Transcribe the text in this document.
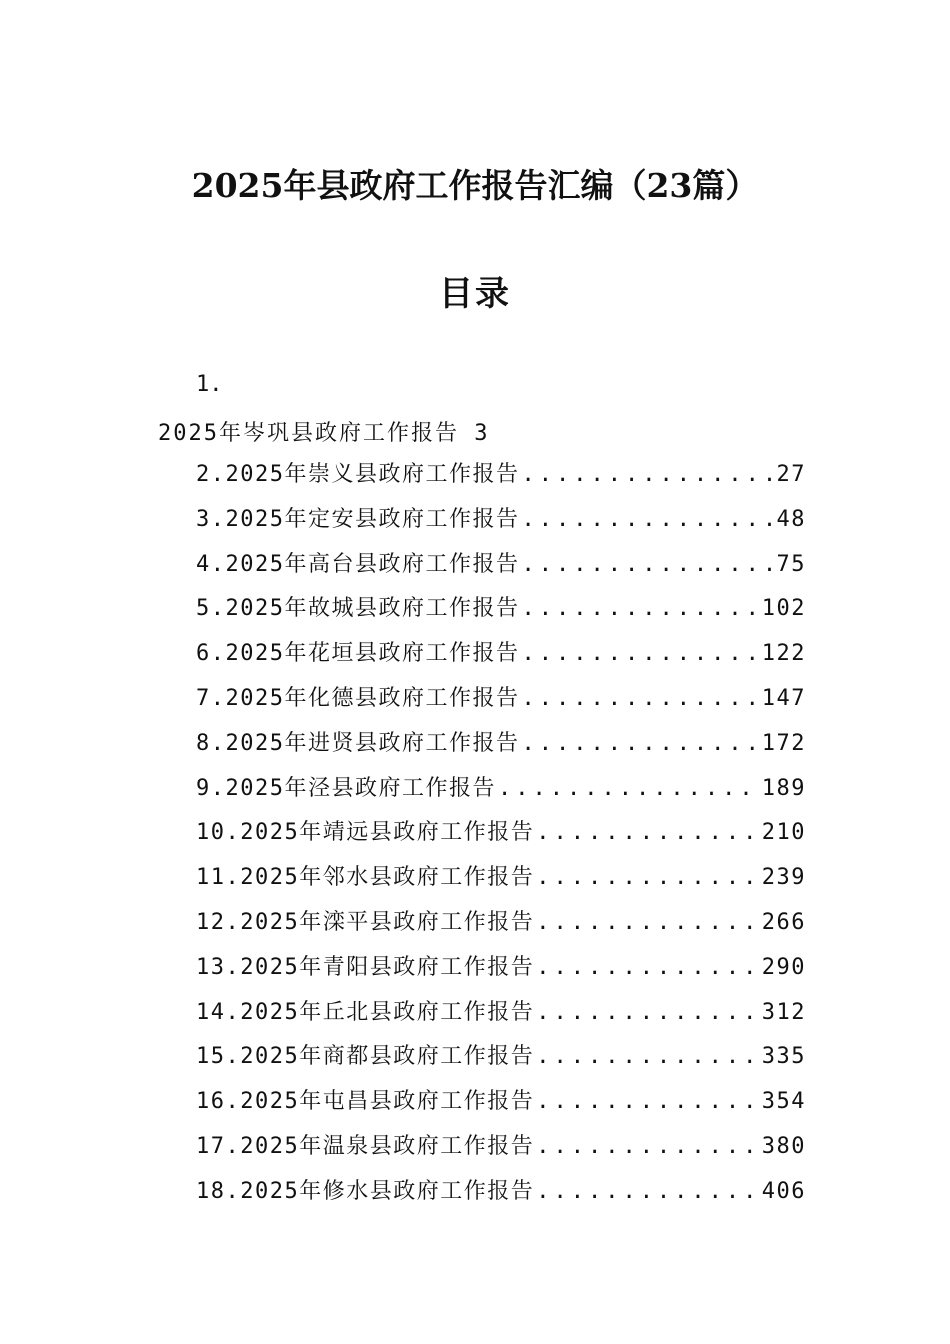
2025年县政府工作报告汇编（23篇）
目录
1.
2025年岑巩县政府工作报告 3
2.2025年崇义县政府工作报告 .....	27
3.2025年定安县政府工作报告 .....	48
4.2025年高台县政府工作报告 .....	75
5.2025年故城县政府工作报告 .....	102
6.2025年花垣县政府工作报告 .....	122
7.2025年化德县政府工作报告 .....	147
8.2025年进贤县政府工作报告 .....	172
9.2025年泾县政府工作报告 .....	189
10.2025年靖远县政府工作报告 .....	210
11.2025年邻水县政府工作报告 .....	239
12.2025年滦平县政府工作报告 .....	266
13.2025年青阳县政府工作报告 .....	290
14.2025年丘北县政府工作报告 .....	312
15.2025年商都县政府工作报告 .....	335
16.2025年屯昌县政府工作报告 .....	354
17.2025年温泉县政府工作报告 .....	380
18.2025年修水县政府工作报告 .....	406
